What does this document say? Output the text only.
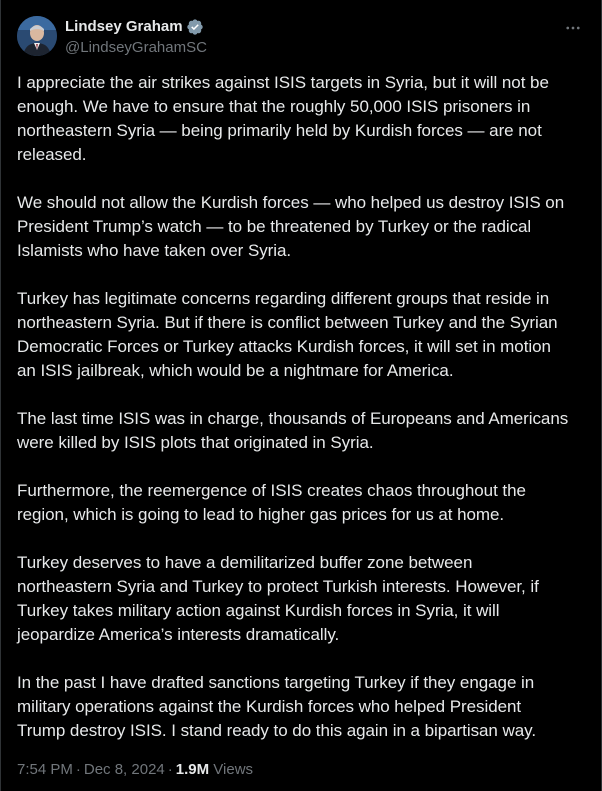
Lindsey Graham
@LindseyGrahamSC

I appreciate the air strikes against ISIS targets in Syria, but it will not be
enough. We have to ensure that the roughly 50,000 ISIS prisoners in
northeastern Syria — being primarily held by Kurdish forces — are not
released.

We should not allow the Kurdish forces — who helped us destroy ISIS on
President Trump’s watch — to be threatened by Turkey or the radical
Islamists who have taken over Syria.

Turkey has legitimate concerns regarding different groups that reside in
northeastern Syria. But if there is conflict between Turkey and the Syrian
Democratic Forces or Turkey attacks Kurdish forces, it will set in motion
an ISIS jailbreak, which would be a nightmare for America.

The last time ISIS was in charge, thousands of Europeans and Americans
were killed by ISIS plots that originated in Syria.

Furthermore, the reemergence of ISIS creates chaos throughout the
region, which is going to lead to higher gas prices for us at home.

Turkey deserves to have a demilitarized buffer zone between
northeastern Syria and Turkey to protect Turkish interests. However, if
Turkey takes military action against Kurdish forces in Syria, it will
jeopardize America’s interests dramatically.

In the past I have drafted sanctions targeting Turkey if they engage in
military operations against the Kurdish forces who helped President
Trump destroy ISIS. I stand ready to do this again in a bipartisan way.

7:54 PM · Dec 8, 2024 · 1.9M Views
